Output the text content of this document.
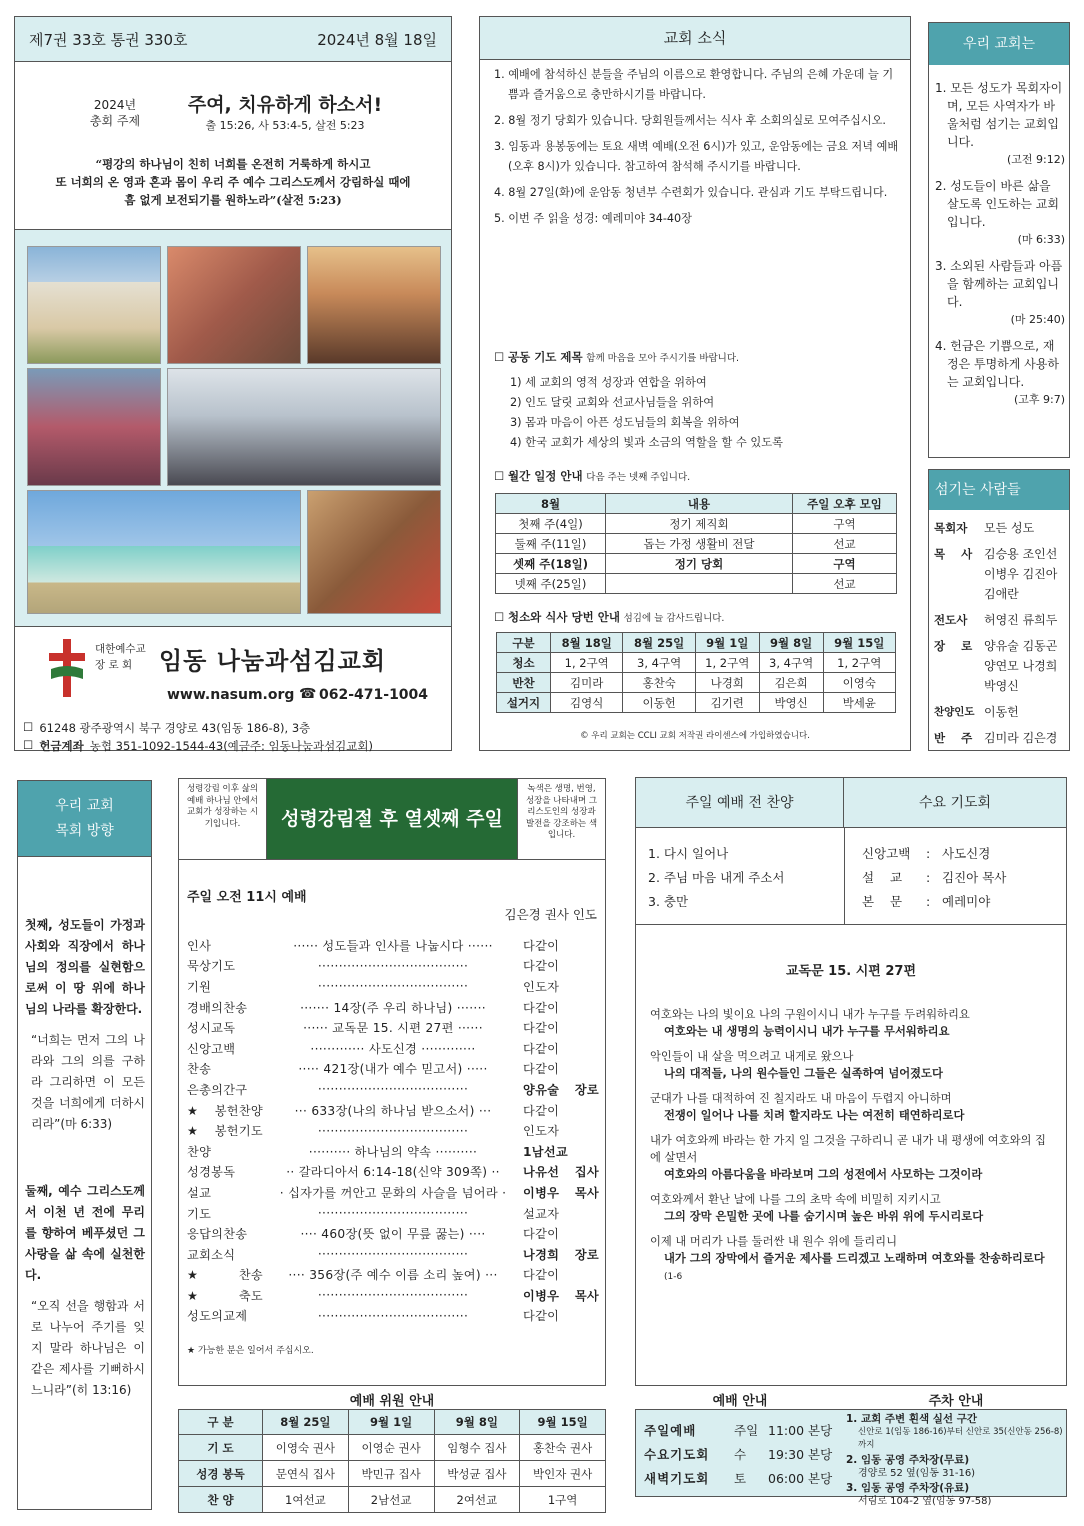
제7권 33호 통권 330호	2024년 8월 18일
2024년
총회 주제
주여, 치유하게 하소서!
출 15:26, 사 53:4-5, 살전 5:23
“평강의 하나님이 친히 너희를 온전히 거룩하게 하시고
또 너희의 온 영과 혼과 몸이 우리 주 예수 그리스도께서 강림하실 때에
흠 없게 보전되기를 원하노라”(살전 5:23)
대한예수교
장 로 회 임동 나눔과섬김교회
www.nasum.org ☎ 062-471-1004
☐ 61248 광주광역시 북구 경양로 43(임동 186-8), 3층
☐ 헌금계좌 농협 351-1092-1544-43(예금주: 임동나눔과섬김교회)
교회 소식
1. 예배에 참석하신 분들을 주님의 이름으로 환영합니다. 주님의 은혜 가운데 늘 기쁨과 즐거움으로 충만하시기를 바랍니다.
2. 8월 정기 당회가 있습니다. 당회원들께서는 식사 후 소회의실로 모여주십시오.
3. 임동과 용봉동에는 토요 새벽 예배(오전 6시)가 있고, 운암동에는 금요 저녁 예배(오후 8시)가 있습니다. 참고하여 참석해 주시기를 바랍니다.
4. 8월 27일(화)에 운암동 청년부 수련회가 있습니다. 관심과 기도 부탁드립니다.
5. 이번 주 읽을 성경: 예레미야 34-40장
☐ 공동 기도 제목 함께 마음을 모아 주시기를 바랍니다.
1) 세 교회의 영적 성장과 연합을 위하여
2) 인도 달릿 교회와 선교사님들을 위하여
3) 몸과 마음이 아픈 성도님들의 회복을 위하여
4) 한국 교회가 세상의 빛과 소금의 역할을 할 수 있도록
☐ 월간 일정 안내 다음 주는 넷째 주입니다.
8월	내용	주일 오후 모임
첫째 주(4일)	정기 제직회	구역
둘째 주(11일)	돕는 가정 생활비 전달	선교
셋째 주(18일)	정기 당회	구역
넷째 주(25일)		선교
☐ 청소와 식사 당번 안내 섬김에 늘 감사드립니다.
구분	8월 18일	8월 25일	9월 1일	9월 8일	9월 15일
청소	1, 2구역	3, 4구역	1, 2구역	3, 4구역	1, 2구역
반찬	김미라	홍찬숙	나경희	김은희	이영숙
설거지	김영식	이동헌	김기련	박영신	박세윤
© 우리 교회는 CCLI 교회 저작권 라이센스에 가입하였습니다.
우리 교회는

1. 모든 성도가 목회자이며, 모든 사역자가 바울처럼 섬기는 교회입니다.

(고전 9:12)

2. 성도들이 바른 삶을 살도록 인도하는 교회입니다.

(마 6:33)

3. 소외된 사람들과 아픔을 함께하는 교회입니다.

(마 25:40)

4. 헌금은 기쁨으로, 재정은 투명하게 사용하는 교회입니다.

(고후 9:7)

섬기는 사람들
목회자	모든 성도
목    사 김승용 조인선 이병우 김진아 김애란
전도사	허영진 류희두
장    로 양유술 김동곤 양연모 나경희 박영신
찬양인도 이동헌
반    주 김미라 김은경
우리 교회
목회 방향

첫째, 성도들이 가정과 사회와 직장에서 하나님의 정의를 실현함으로써 이 땅 위에 하나님의 나라를 확장한다.

“너희는 먼저 그의 나라와 그의 의를 구하라 그리하면 이 모든 것을 너희에게 더하시리라”(마 6:33)

둘째, 예수 그리스도께서 이천 년 전에 무리를 향하여 베푸셨던 그 사랑을 삶 속에 실천한다.

“오직 선을 행함과 서로 나누어 주기를 잊지 말라 하나님은 이 같은 제사를 기뻐하시느니라”(히 13:16)

성령강림 이후 삶의예배 하나님 안에서 교회가 성장하는 시기입니다.	성령강림절 후 열셋째 주일
녹색은 생명, 번영, 성장을 나타내며 그리스도인의 성장과 발전을 강조하는 색입니다.
주일 오전 11시 예배
김은경 권사 인도
인사	······ 성도들과 인사를 나눕시다 ······	다같이
묵상기도	····································	다같이
기원	····································	인도자
경배의찬송	······· 14장(주 우리 하나님) ·······	다같이
성시교독	······ 교독문 15. 시편 27편 ······	다같이
신앙고백	············· 사도신경 ·············	다같이
찬송	····· 421장(내가 예수 믿고서) ·····	다같이
은총의간구	····································	양유술 장로
★봉헌찬양	··· 633장(나의 하나님 받으소서) ···	다같이
★봉헌기도	····································	인도자
찬양	·········· 하나님의 약속 ··········	1남선교
성경봉독	·· 갈라디아서 6:14-18(신약 309쪽) ··	나유선 집사
설교	· 십자가를 꺼안고 문화의 사슬을 넘어라 ·	이병우 목사
기도	····································	설교자
응답의찬송	···· 460장(뜻 없이 무릎 꿇는) ····	다같이
교회소식	····································	나경희 장로
★찬송	···· 356장(주 예수 이름 소리 높여) ···	다같이
★축도	····································	이병우 목사
성도의교제	····································	다같이
★ 가능한 분은 일어서 주십시오.
예배 위원 안내
구 분	8월 25일	9월 1일	9월 8일	9월 15일
기 도	이영숙 권사	이영순 권사	임형수 집사	홍찬숙 권사
성경 봉독	문연식 집사	박민규 집사	박성균 집사	박인자 권사
찬 양	1여선교	2남선교	2여선교	1구역
주일 예배 전 찬양	수요 기도회
1. 다시 일어나
2. 주님 마음 내게 주소서
3. 충만
신앙고백	: 사도신경
설    교	: 김진아 목사
본    문	: 예레미야
교독문 15. 시편 27편

여호와는 나의 빛이요 나의 구원이시니 내가 누구를 두려워하리요

여호와는 내 생명의 능력이시니 내가 누구를 무서워하리요

악인들이 내 살을 먹으려고 내게로 왔으나

나의 대적들, 나의 원수들인 그들은 실족하여 넘어졌도다

군대가 나를 대적하여 진 칠지라도 내 마음이 두렵지 아니하며

전쟁이 일어나 나를 치려 할지라도 나는 여전히 태연하리로다

내가 여호와께 바라는 한 가지 일 그것을 구하리니 곧 내가 내 평생에 여호와의 집에 살면서

여호와의 아름다움을 바라보며 그의 성전에서 사모하는 그것이라

여호와께서 환난 날에 나를 그의 초막 속에 비밀히 지키시고

그의 장막 은밀한 곳에 나를 숨기시며 높은 바위 위에 두시리로다

이제 내 머리가 나를 둘러싼 내 원수 위에 들리리니

내가 그의 장막에서 즐거운 제사를 드리겠고 노래하며 여호와를 찬송하리로다 (1-6

예배 안내	주차 안내
주일예배	주일 11:00 본당
수요기도회	수	19:30 본당
새벽기도회	토	06:00 본당
1. 교회 주변 흰색 실선 구간
신안로 1(임동 186-16)부터 신안로 35(신안동 256-8)까지
2. 임동 공영 주차장(무료)
경양로 52 옆(임동 31-16)
3. 임동 공영 주차장(유료)
서림로 104-2 옆(임동 97-58)
